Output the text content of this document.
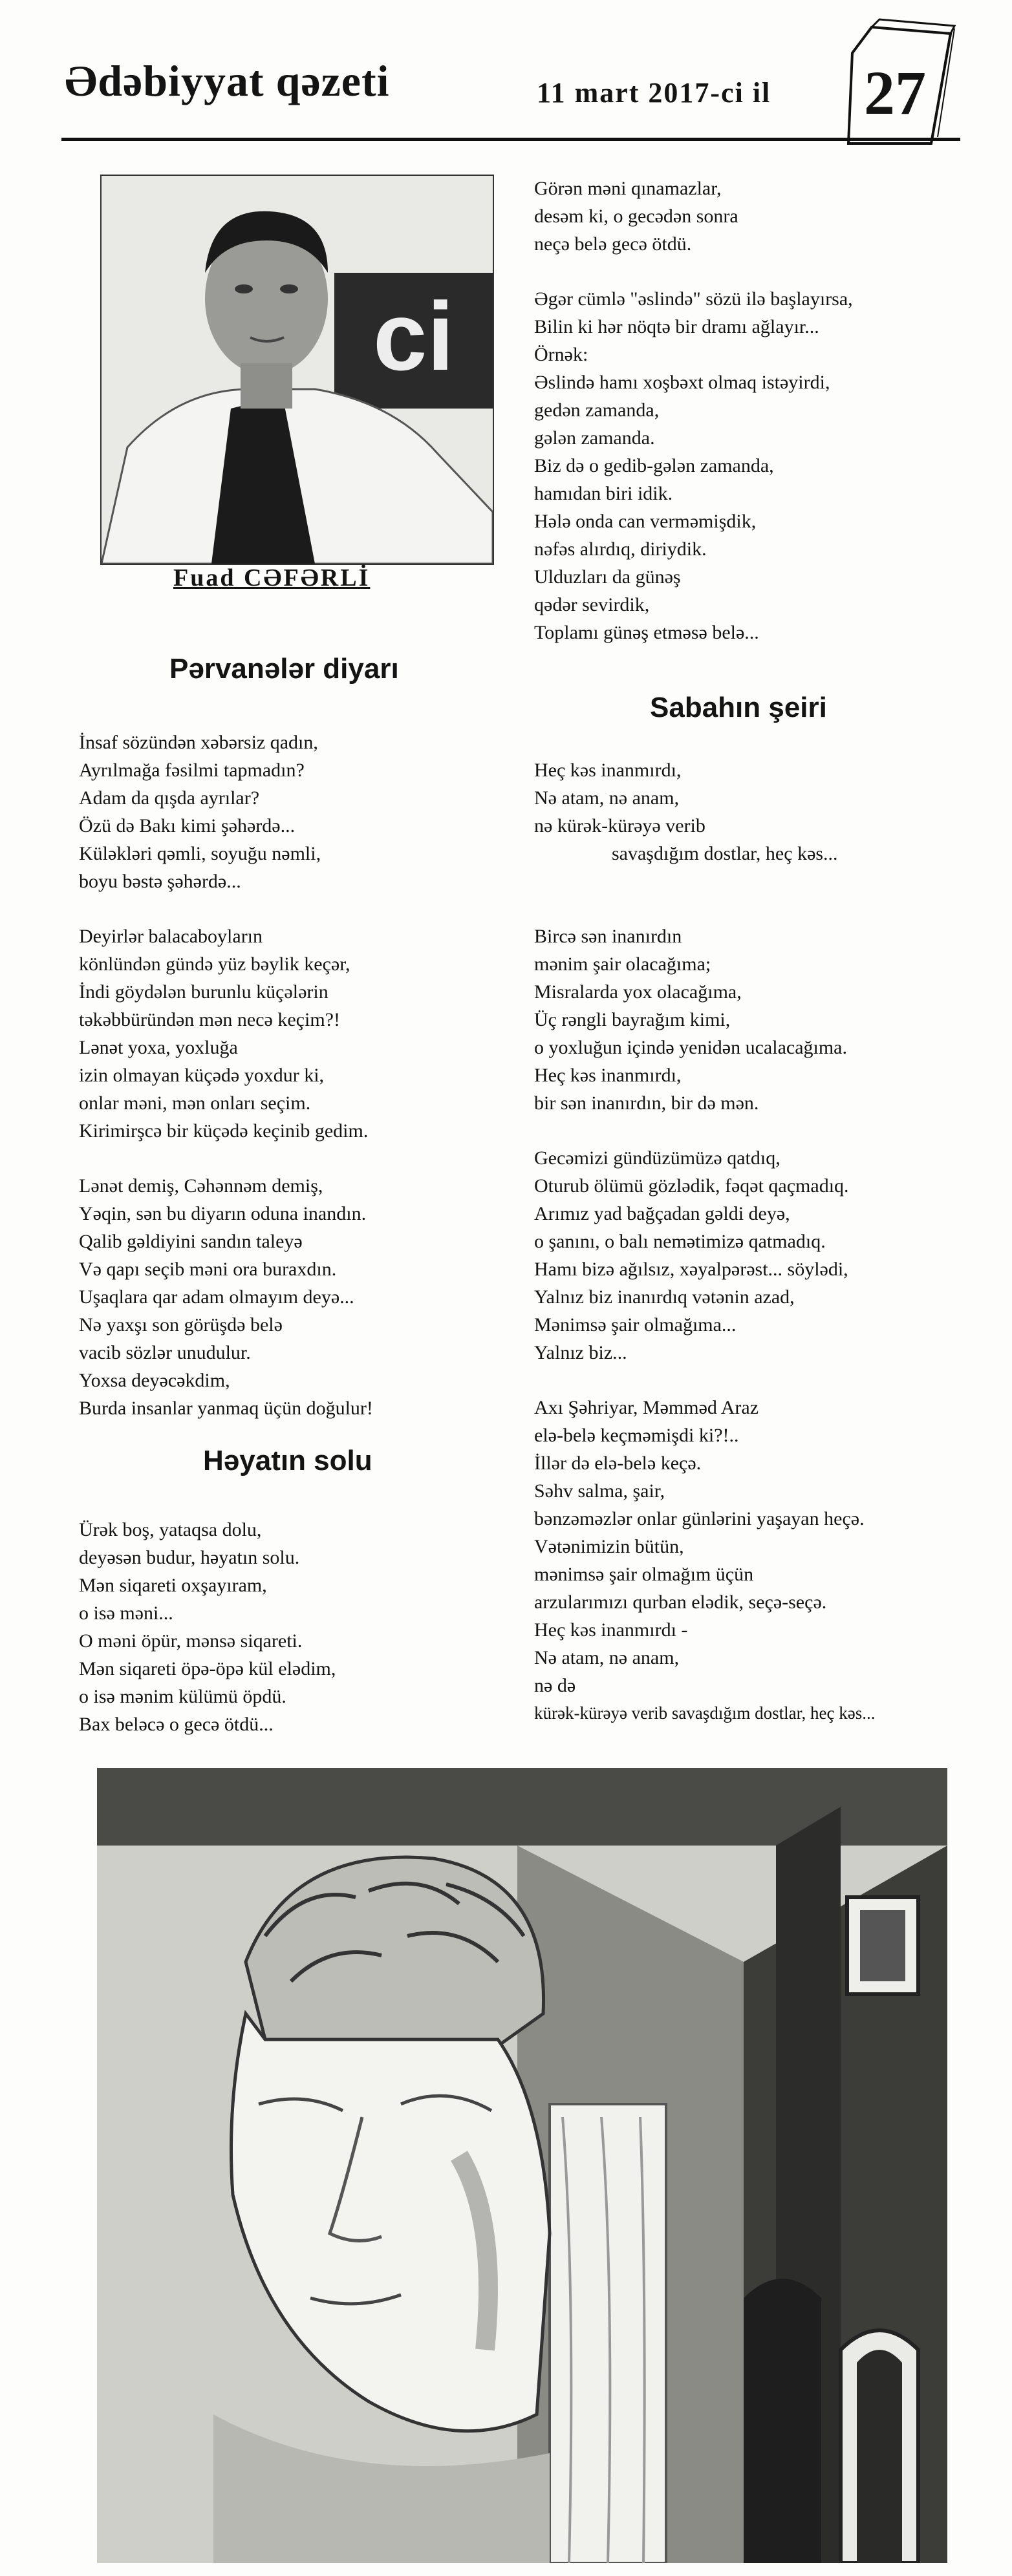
Ədəbiyyat qəzeti	11 mart 2017-ci il 27
ci
Fuad CƏFƏRLİ
Pərvanələr diyarı
Həyatın solu
Sabahın şeiri
İnsaf sözündən xəbərsiz qadın,
Ayrılmağa fəsilmi tapmadın?
Adam da qışda ayrılar?
Özü də Bakı kimi şəhərdə...
Küləkləri qəmli, soyuğu nəmli,
boyu bəstə şəhərdə...
Deyirlər balacaboyların
könlündən gündə yüz bəylik keçər,
İndi göydələn burunlu küçələrin
təkəbbüründən mən necə keçim?!
Lənət yoxa, yoxluğa
izin olmayan küçədə yoxdur ki,
onlar məni, mən onları seçim.
Kirimirşcə bir küçədə keçinib gedim.
Lənət demiş, Cəhənnəm demiş,
Yəqin, sən bu diyarın oduna inandın.
Qalib gəldiyini sandın taleyə
Və qapı seçib məni ora buraxdın.
Uşaqlara qar adam olmayım deyə...
Nə yaxşı son görüşdə belə
vacib sözlər unudulur.
Yoxsa deyəcəkdim,
Burda insanlar yanmaq üçün doğulur!
Ürək boş, yataqsa dolu,
deyəsən budur, həyatın solu.
Mən siqareti oxşayıram,
o isə məni...
O məni öpür, mənsə siqareti.
Mən siqareti öpə-öpə kül elədim,
o isə mənim külümü öpdü.
Bax beləcə o gecə ötdü...
Görən məni qınamazlar,
desəm ki, o gecədən sonra
neçə belə gecə ötdü.
Əgər cümlə "əslində" sözü ilə başlayırsa,
Bilin ki hər nöqtə bir dramı ağlayır...
Örnək:
Əslində hamı xoşbəxt olmaq istəyirdi,
gedən zamanda,
gələn zamanda.
Biz də o gedib-gələn zamanda,
hamıdan biri idik.
Hələ onda can verməmişdik,
nəfəs alırdıq, diriydik.
Ulduzları da günəş
qədər sevirdik,
Toplamı günəş etməsə belə...
Heç kəs inanmırdı,
Nə atam, nə anam,
nə kürək-kürəyə verib
savaşdığım dostlar, heç kəs...
Bircə sən inanırdın
mənim şair olacağıma;
Misralarda yox olacağıma,
Üç rəngli bayrağım kimi,
o yoxluğun içində yenidən ucalacağıma.
Heç kəs inanmırdı,
bir sən inanırdın, bir də mən.
Gecəmizi gündüzümüzə qatdıq,
Oturub ölümü gözlədik, fəqət qaçmadıq.
Arımız yad bağçadan gəldi deyə,
o şanını, o balı nemətimizə qatmadıq.
Hamı bizə ağılsız, xəyalpərəst... söylədi,
Yalnız biz inanırdıq vətənin azad,
Mənimsə şair olmağıma...
Yalnız biz...
Axı Şəhriyar, Məmməd Araz
elə-belə keçməmişdi ki?!..
İllər də elə-belə keçə.
Səhv salma, şair,
bənzəməzlər onlar günlərini yaşayan heçə.
Vətənimizin bütün,
mənimsə şair olmağım üçün
arzularımızı qurban elədik, seçə-seçə.
Heç kəs inanmırdı -
Nə atam, nə anam,
nə də
kürək-kürəyə verib savaşdığım dostlar, heç kəs...
